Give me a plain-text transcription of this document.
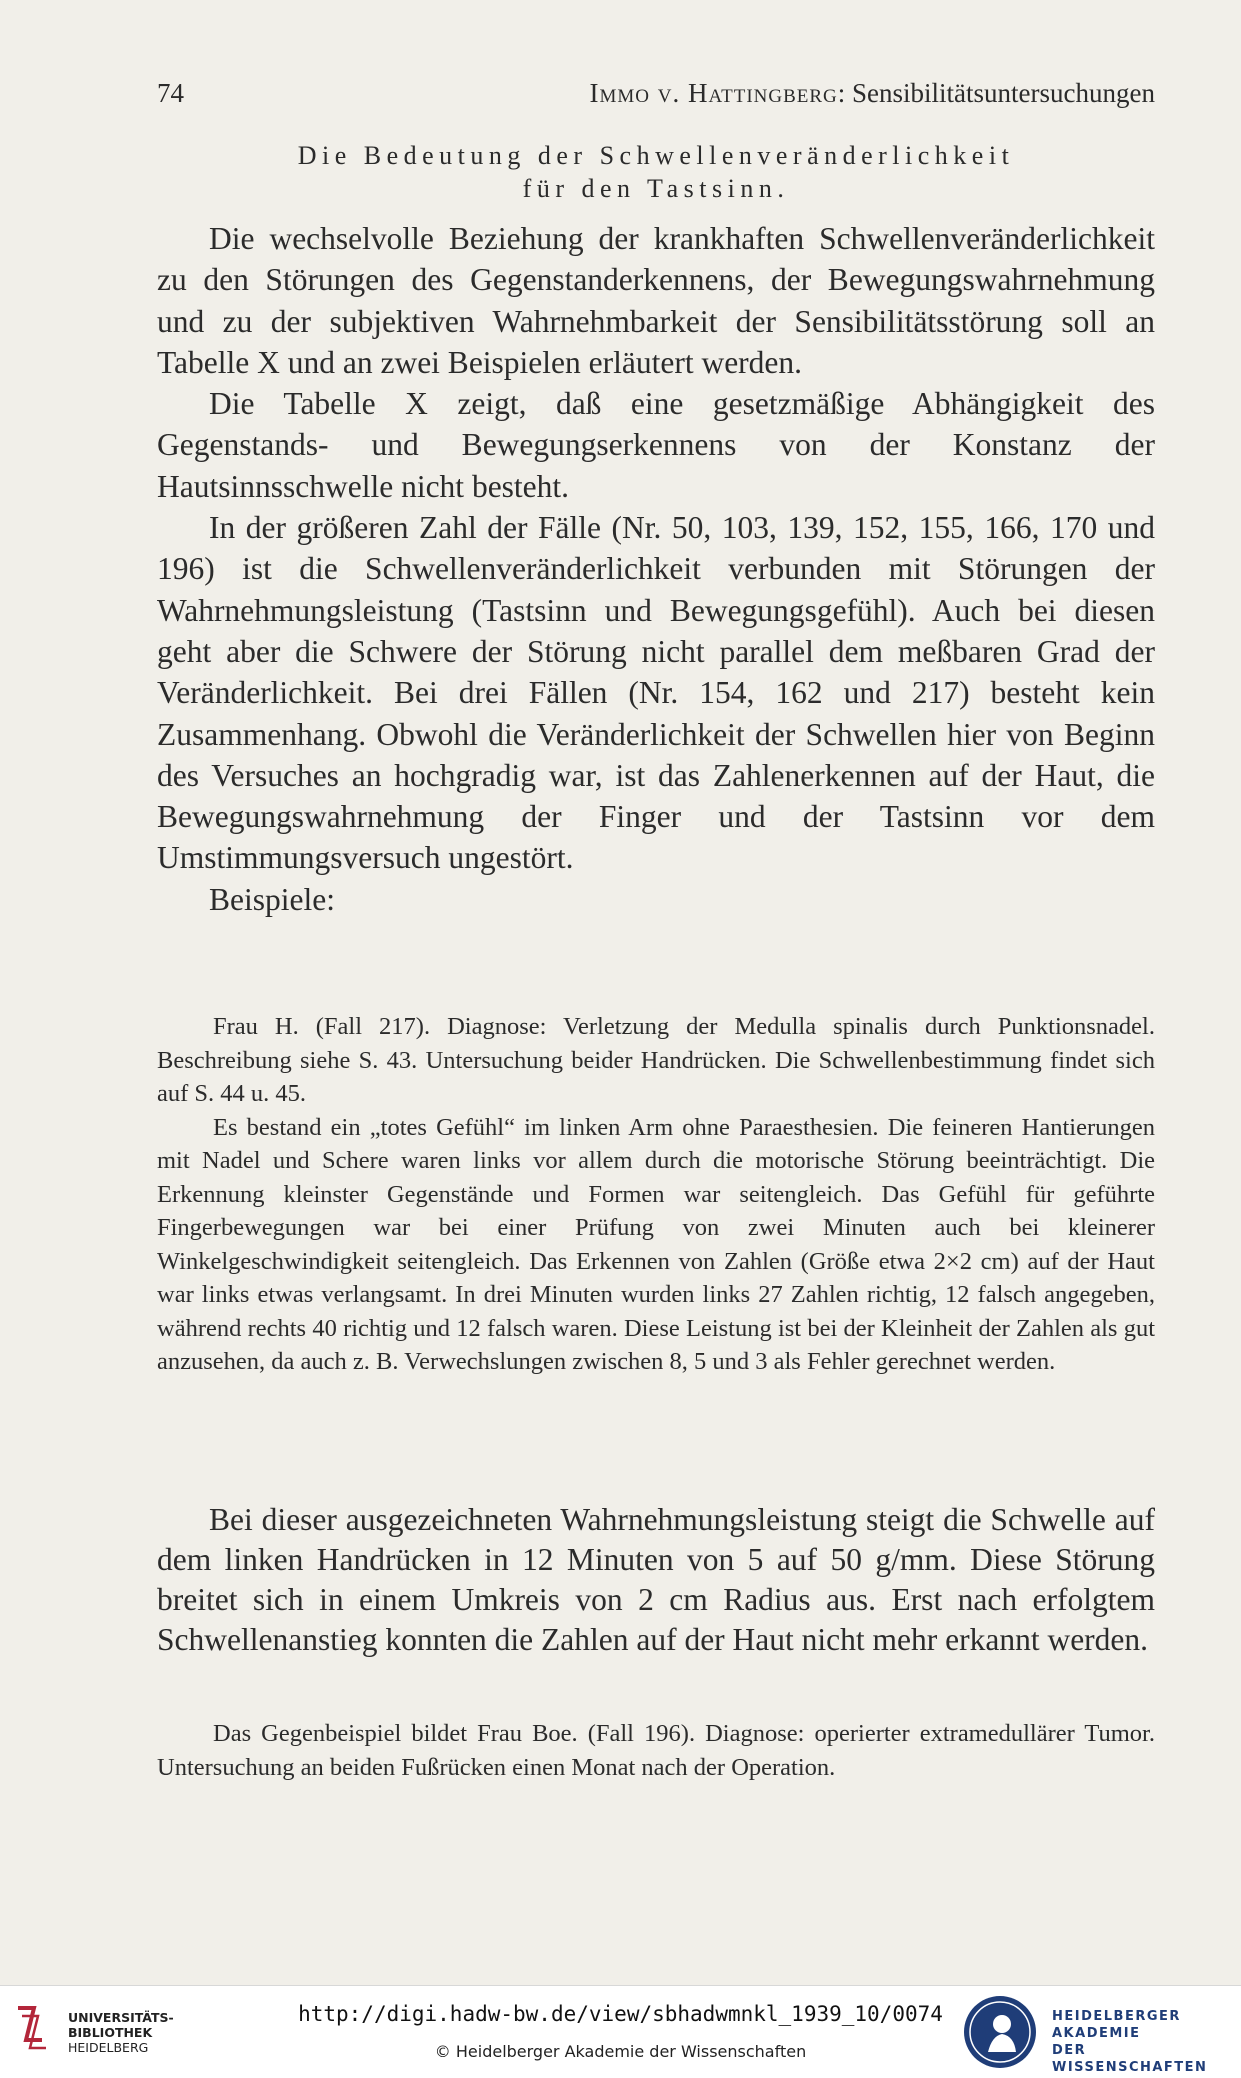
74	Immo v. Hattingberg: Sensibilitätsuntersuchungen
Die Bedeutung der Schwellenveränderlichkeit
für den Tastsinn.

Die wechselvolle Beziehung der krankhaften Schwellenveränderlichkeit zu den Störungen des Gegenstanderkennens, der Bewegungswahrnehmung und zu der subjektiven Wahrnehmbarkeit der Sensibilitätsstörung soll an Tabelle X und an zwei Beispielen erläutert werden.

Die Tabelle X zeigt, daß eine gesetzmäßige Abhängigkeit des Gegenstands- und Bewegungserkennens von der Konstanz der Hautsinnsschwelle nicht besteht.

In der größeren Zahl der Fälle (Nr. 50, 103, 139, 152, 155, 166, 170 und 196) ist die Schwellenveränderlichkeit verbunden mit Störungen der Wahrnehmungsleistung (Tastsinn und Bewegungsgefühl). Auch bei diesen geht aber die Schwere der Störung nicht parallel dem meßbaren Grad der Veränderlichkeit. Bei drei Fällen (Nr. 154, 162 und 217) besteht kein Zusammenhang. Obwohl die Veränderlichkeit der Schwellen hier von Beginn des Versuches an hochgradig war, ist das Zahlenerkennen auf der Haut, die Bewegungswahrnehmung der Finger und der Tastsinn vor dem Umstimmungsversuch ungestört.

Beispiele:

Frau H. (Fall 217). Diagnose: Verletzung der Medulla spinalis durch Punktionsnadel. Beschreibung siehe S. 43. Untersuchung beider Handrücken. Die Schwellenbestimmung findet sich auf S. 44 u. 45.

Es bestand ein „totes Gefühl“ im linken Arm ohne Paraesthesien. Die feineren Hantierungen mit Nadel und Schere waren links vor allem durch die motorische Störung beeinträchtigt. Die Erkennung kleinster Gegenstände und Formen war seitengleich. Das Gefühl für geführte Fingerbewegungen war bei einer Prüfung von zwei Minuten auch bei kleinerer Winkelgeschwindigkeit seitengleich. Das Erkennen von Zahlen (Größe etwa 2×2 cm) auf der Haut war links etwas verlangsamt. In drei Minuten wurden links 27 Zahlen richtig, 12 falsch angegeben, während rechts 40 richtig und 12 falsch waren. Diese Leistung ist bei der Kleinheit der Zahlen als gut anzusehen, da auch z. B. Verwechslungen zwischen 8, 5 und 3 als Fehler gerechnet werden.

Bei dieser ausgezeichneten Wahrnehmungsleistung steigt die Schwelle auf dem linken Handrücken in 12 Minuten von 5 auf 50 g/mm. Diese Störung breitet sich in einem Umkreis von 2 cm Radius aus. Erst nach erfolgtem Schwellenanstieg konnten die Zahlen auf der Haut nicht mehr erkannt werden.

Das Gegenbeispiel bildet Frau Boe. (Fall 196). Diagnose: operierter extramedullärer Tumor. Untersuchung an beiden Fußrücken einen Monat nach der Operation.

UNIVERSITÄTS-
BIBLIOTHEK
HEIDELBERG
http://digi.hadw-bw.de/view/sbhadwmnkl_1939_10/0074
© Heidelberger Akademie der Wissenschaften
HEIDELBERGER AKADEMIE
DER WISSENSCHAFTEN
